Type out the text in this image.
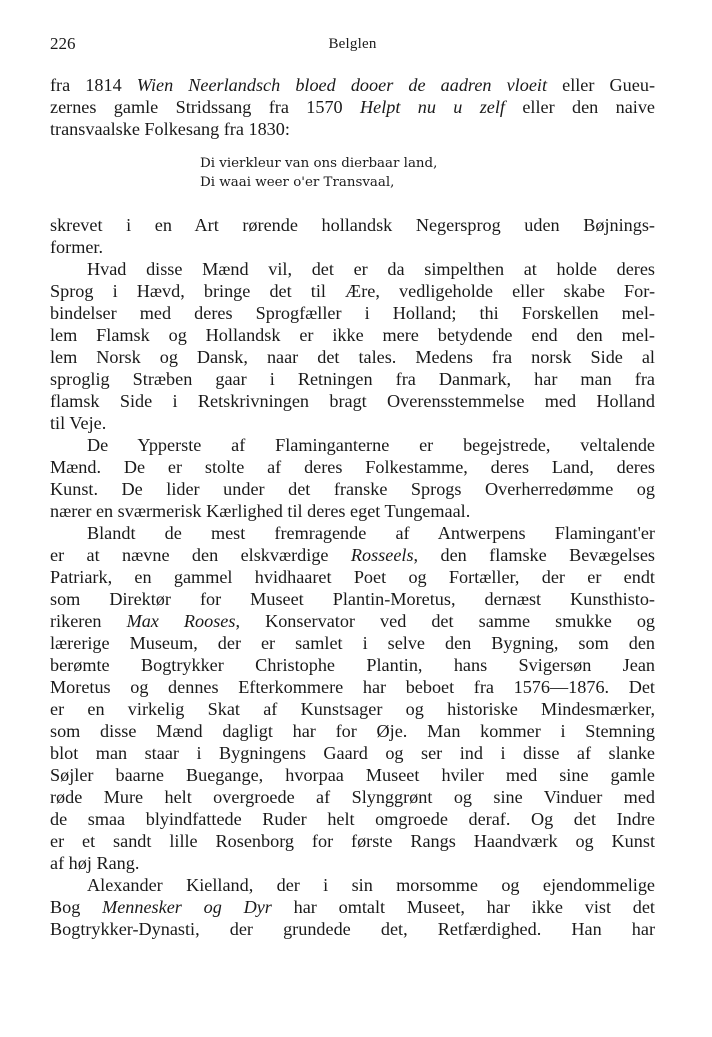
226	Belglen
fra 1814 Wien Neerlandsch bloed dooer de aadren vloeit eller Gueu-
zernes gamle Stridssang fra 1570 Helpt nu u zelf eller den naive
transvaalske Folkesang fra 1830:
Di vierkleur van ons dierbaar land,
Di waai weer o'er Transvaal,
skrevet i en Art rørende hollandsk Negersprog uden Bøjnings-
former.
Hvad disse Mænd vil, det er da simpelthen at holde deres
Sprog i Hævd, bringe det til Ære, vedligeholde eller skabe For-
bindelser med deres Sprogfæller i Holland; thi Forskellen mel-
lem Flamsk og Hollandsk er ikke mere betydende end den mel-
lem Norsk og Dansk, naar det tales. Medens fra norsk Side al
sproglig Stræben gaar i Retningen fra Danmark, har man fra
flamsk Side i Retskrivningen bragt Overensstemmelse med Holland
til Veje.
De Ypperste af Flaminganterne er begejstrede, veltalende
Mænd. De er stolte af deres Folkestamme, deres Land, deres
Kunst. De lider under det franske Sprogs Overherredømme og
nærer en sværmerisk Kærlighed til deres eget Tungemaal.
Blandt de mest fremragende af Antwerpens Flamingant'er
er at nævne den elskværdige Rosseels, den flamske Bevægelses
Patriark, en gammel hvidhaaret Poet og Fortæller, der er endt
som Direktør for Museet Plantin-Moretus, dernæst Kunsthisto-
rikeren Max Rooses, Konservator ved det samme smukke og
lærerige Museum, der er samlet i selve den Bygning, som den
berømte Bogtrykker Christophe Plantin, hans Svigersøn Jean
Moretus og dennes Efterkommere har beboet fra 1576—1876. Det
er en virkelig Skat af Kunstsager og historiske Mindesmærker,
som disse Mænd dagligt har for Øje. Man kommer i Stemning
blot man staar i Bygningens Gaard og ser ind i disse af slanke
Søjler baarne Buegange, hvorpaa Museet hviler med sine gamle
røde Mure helt overgroede af Slynggrønt og sine Vinduer med
de smaa blyindfattede Ruder helt omgroede deraf. Og det Indre
er et sandt lille Rosenborg for første Rangs Haandværk og Kunst
af høj Rang.
Alexander Kielland, der i sin morsomme og ejendommelige
Bog Mennesker og Dyr har omtalt Museet, har ikke vist det
Bogtrykker-Dynasti, der grundede det, Retfærdighed. Han har
